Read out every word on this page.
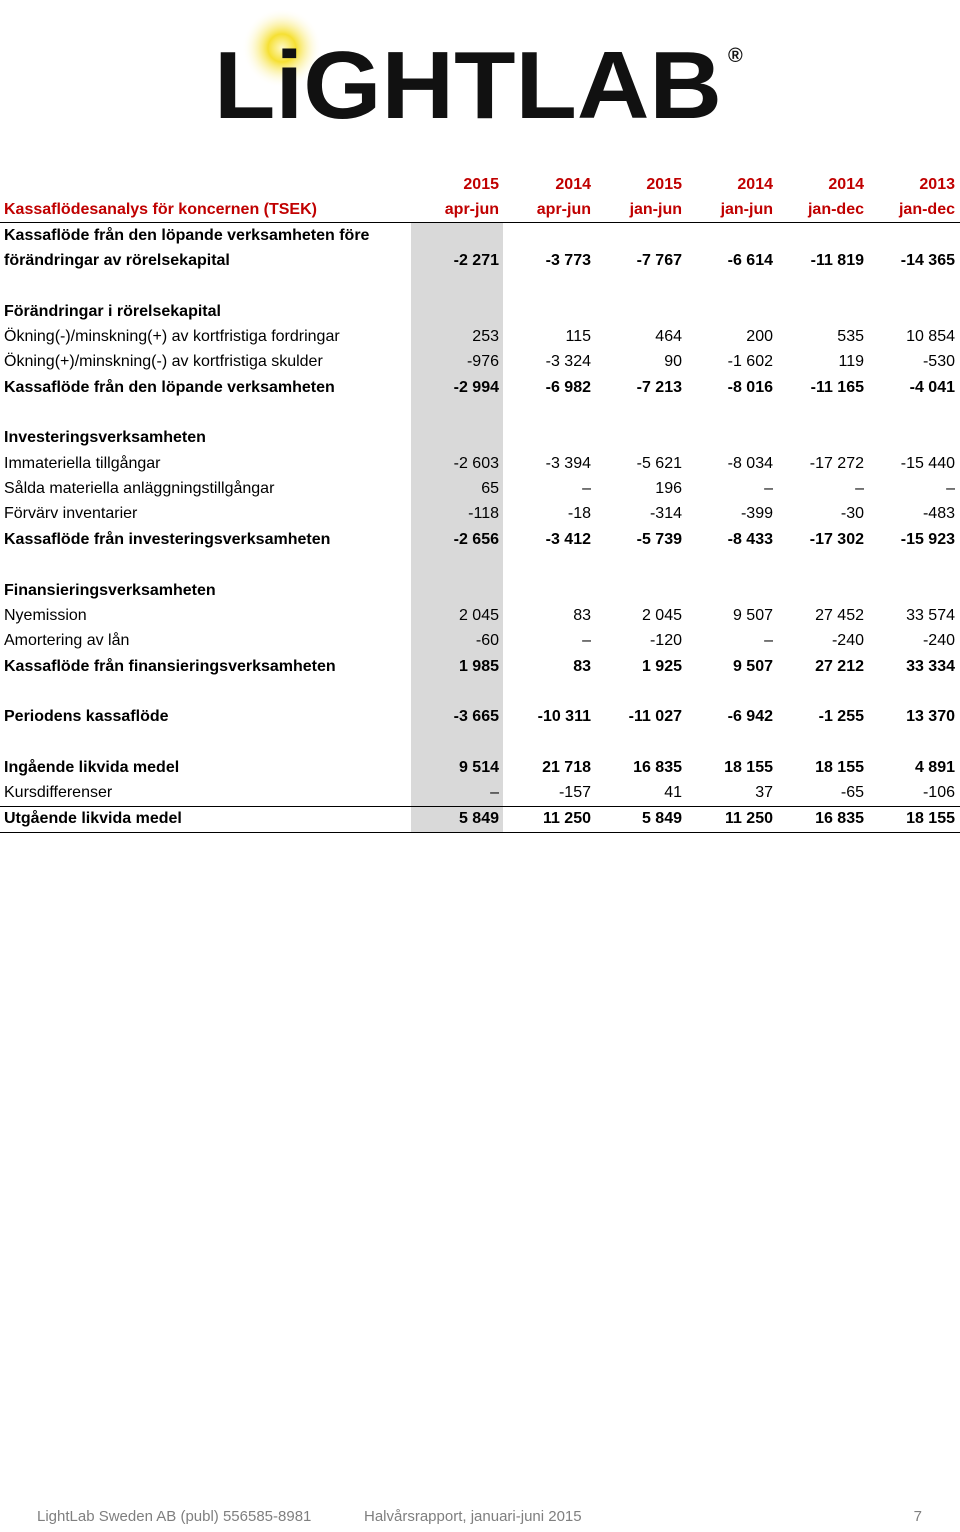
LiGHTLAB ®
2015	2014	2015	2014	2014	2013
Kassaflödesanalys för koncernen (TSEK)	apr-jun	apr-jun	jan-jun	jan-jun	jan-dec	jan-dec
Kassaflöde från den löpande verksamheten före
förändringar av rörelsekapital	-2 271	-3 773	-7 767	-6 614	-11 819	-14 365
Förändringar i rörelsekapital
Ökning(-)/minskning(+) av kortfristiga fordringar	253	115	464	200	535	10 854
Ökning(+)/minskning(-) av kortfristiga skulder	-976	-3 324	90	-1 602	119	-530
Kassaflöde från den löpande verksamheten	-2 994	-6 982	-7 213	-8 016	-11 165	-4 041
Investeringsverksamheten
Immateriella tillgångar	-2 603	-3 394	-5 621	-8 034	-17 272	-15 440
Sålda materiella anläggningstillgångar	65	–	196	–	–	–
Förvärv inventarier	-118	-18	-314	-399	-30	-483
Kassaflöde från investeringsverksamheten	-2 656	-3 412	-5 739	-8 433	-17 302	-15 923
Finansieringsverksamheten
Nyemission	2 045	83	2 045	9 507	27 452	33 574
Amortering av lån	-60	–	-120	–	-240	-240
Kassaflöde från finansieringsverksamheten	1 985	83	1 925	9 507	27 212	33 334
Periodens kassaflöde	-3 665	-10 311	-11 027	-6 942	-1 255	13 370
Ingående likvida medel	9 514	21 718	16 835	18 155	18 155	4 891
Kursdifferenser	–	-157	41	37	-65	-106
Utgående likvida medel	5 849	11 250	5 849	11 250	16 835	18 155
LightLab Sweden AB (publ) 556585-8981	Halvårsrapport, januari-juni 2015	7
